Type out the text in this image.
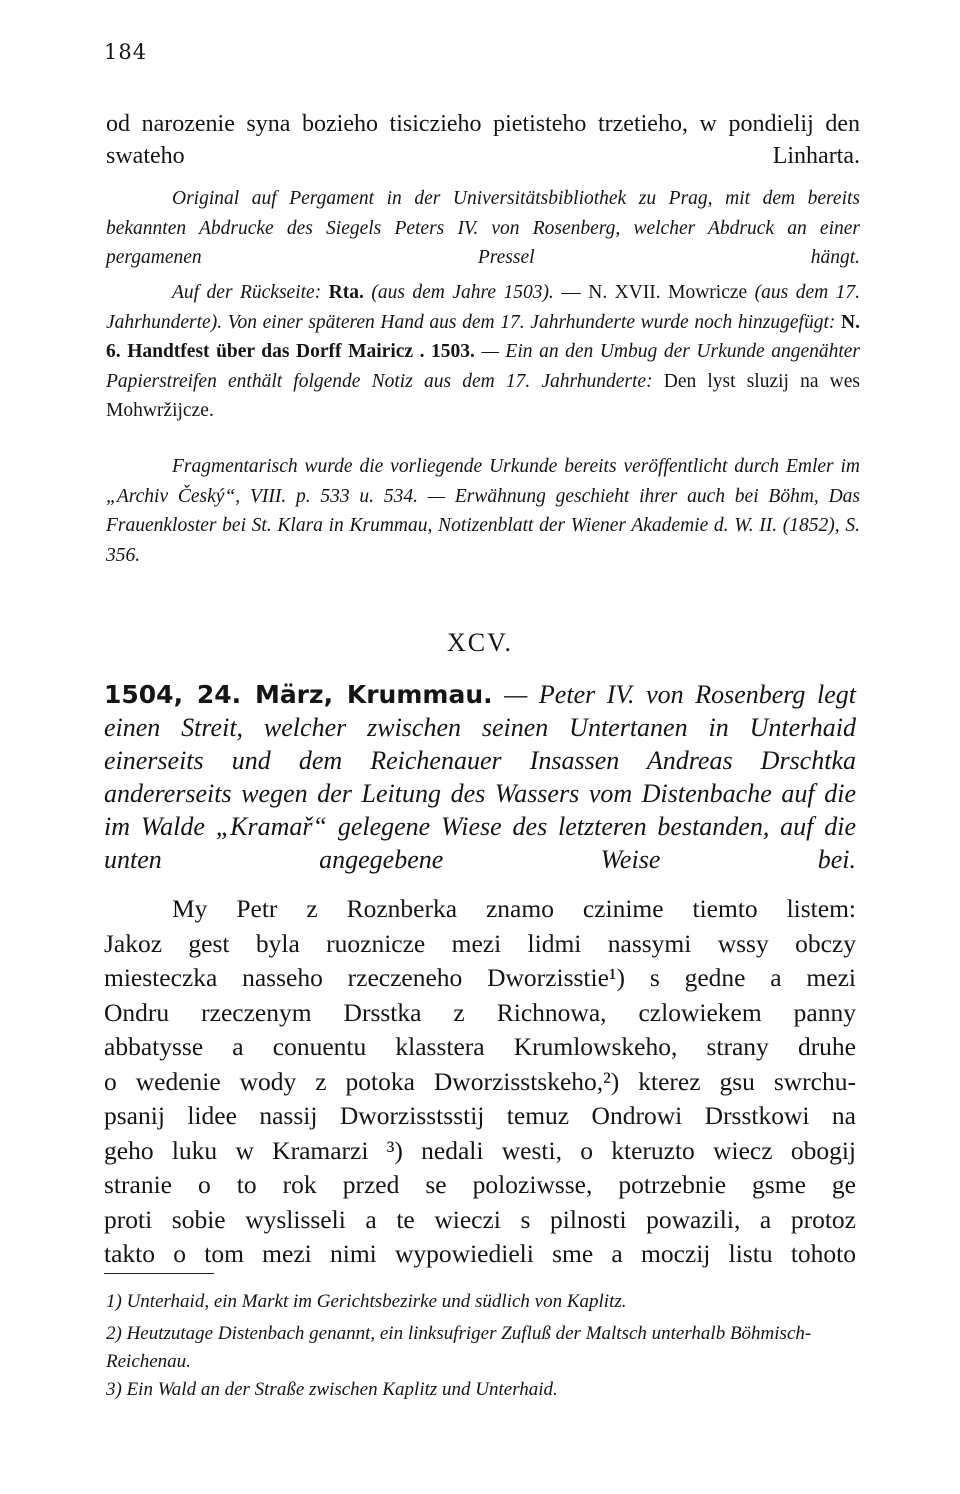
184
od narozenie syna bozieho tisiczieho pietisteho trzetieho, w pondielij den swateho Linharta.
Original auf Pergament in der Universitätsbibliothek zu Prag, mit dem bereits bekannten Abdrucke des Siegels Peters IV. von Rosenberg, welcher Abdruck an einer pergamenen Pressel hängt.
Auf der Rückseite: Rta. (aus dem Jahre 1503). — N. XVII. Mowricze (aus dem 17. Jahrhunderte). Von einer späteren Hand aus dem 17. Jahrhunderte wurde noch hinzugefügt: N. 6. Handtfest über das Dorff Mairicz . 1503. — Ein an den Umbug der Urkunde angenähter Papierstreifen enthält folgende Notiz aus dem 17. Jahrhunderte: Den lyst sluzij na wes Mohwržijcze.
Fragmentarisch wurde die vorliegende Urkunde bereits veröffentlicht durch Emler im „Archiv Český“, VIII. p. 533 u. 534. — Erwähnung geschieht ihrer auch bei Böhm, Das Frauenkloster bei St. Klara in Krummau, Notizenblatt der Wiener Akademie d. W. II. (1852), S. 356.
XCV.
1504, 24. März, Krummau. — Peter IV. von Rosenberg legt einen Streit, welcher zwischen seinen Untertanen in Unterhaid einerseits und dem Reichenauer Insassen Andreas Drschtka andererseits wegen der Leitung des Wassers vom Distenbache auf die im Walde „Kramař“ gelegene Wiese des letzteren bestanden, auf die unten angegebene Weise bei.
My Petr z Roznberka znamo czinime tiemto listem:
Jakoz gest byla ruoznicze mezi lidmi nassymi wssy obczy
miesteczka nasseho rzeczeneho Dworzisstie¹) s gedne a mezi
Ondru rzeczenym Drsstka z Richnowa, czlowiekem panny
abbatysse a conuentu klasstera Krumlowskeho, strany druhe
o wedenie wody z potoka Dworzisstskeho,²) kterez gsu swrchu-
psanij lidee nassij Dworzisstsstij temuz Ondrowi Drsstkowi na
geho luku w Kramarzi ³) nedali westi, o kteruzto wiecz obogij
stranie o to rok przed se poloziwsse, potrzebnie gsme ge
proti sobie wyslisseli a te wieczi s pilnosti powazili, a protoz
takto o tom mezi nimi wypowiedieli sme a moczij listu tohoto
1) Unterhaid, ein Markt im Gerichtsbezirke und südlich von Kaplitz.
2) Heutzutage Distenbach genannt, ein linksufriger Zufluß der Maltsch unterhalb Böhmisch-Reichenau.
3) Ein Wald an der Straße zwischen Kaplitz und Unterhaid.
